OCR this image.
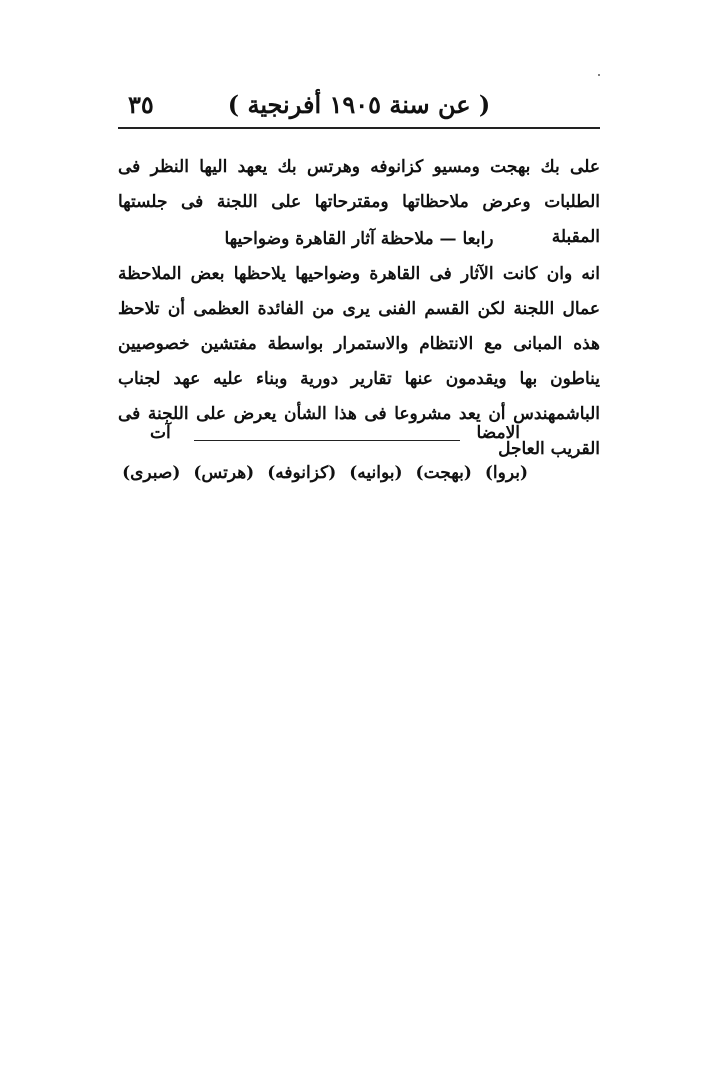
( عن سنة ١٩٠٥ أفرنجية )
٣٥
على بك بهجت ومسيو كزانوفه وهرتس بك يعهد اليها النظر فى الطلبات وعرض ملاحظاتها ومقترحاتها على اللجنة فى جلستها المقبلة
رابعا — ملاحظة آثار القاهرة وضواحيها
انه وان كانت الآثار فى القاهرة وضواحيها يلاحظها بعض الملاحظة عمال اللجنة لكن القسم الفنى يرى من الفائدة العظمى أن تلاحظ هذه المبانى مع الانتظام والاستمرار بواسطة مفتشين خصوصيين يناطون بها ويقدمون عنها تقارير دورية وبناء عليه عهد لجناب الباشمهندس أن يعد مشروعا فى هذا الشأن يعرض على اللجنة فى القريب العاجل
الامضا
آت
(بروا)
(بهجت)
(بوانيه)
(كزانوفه)
(هرتس)
(صبرى)
